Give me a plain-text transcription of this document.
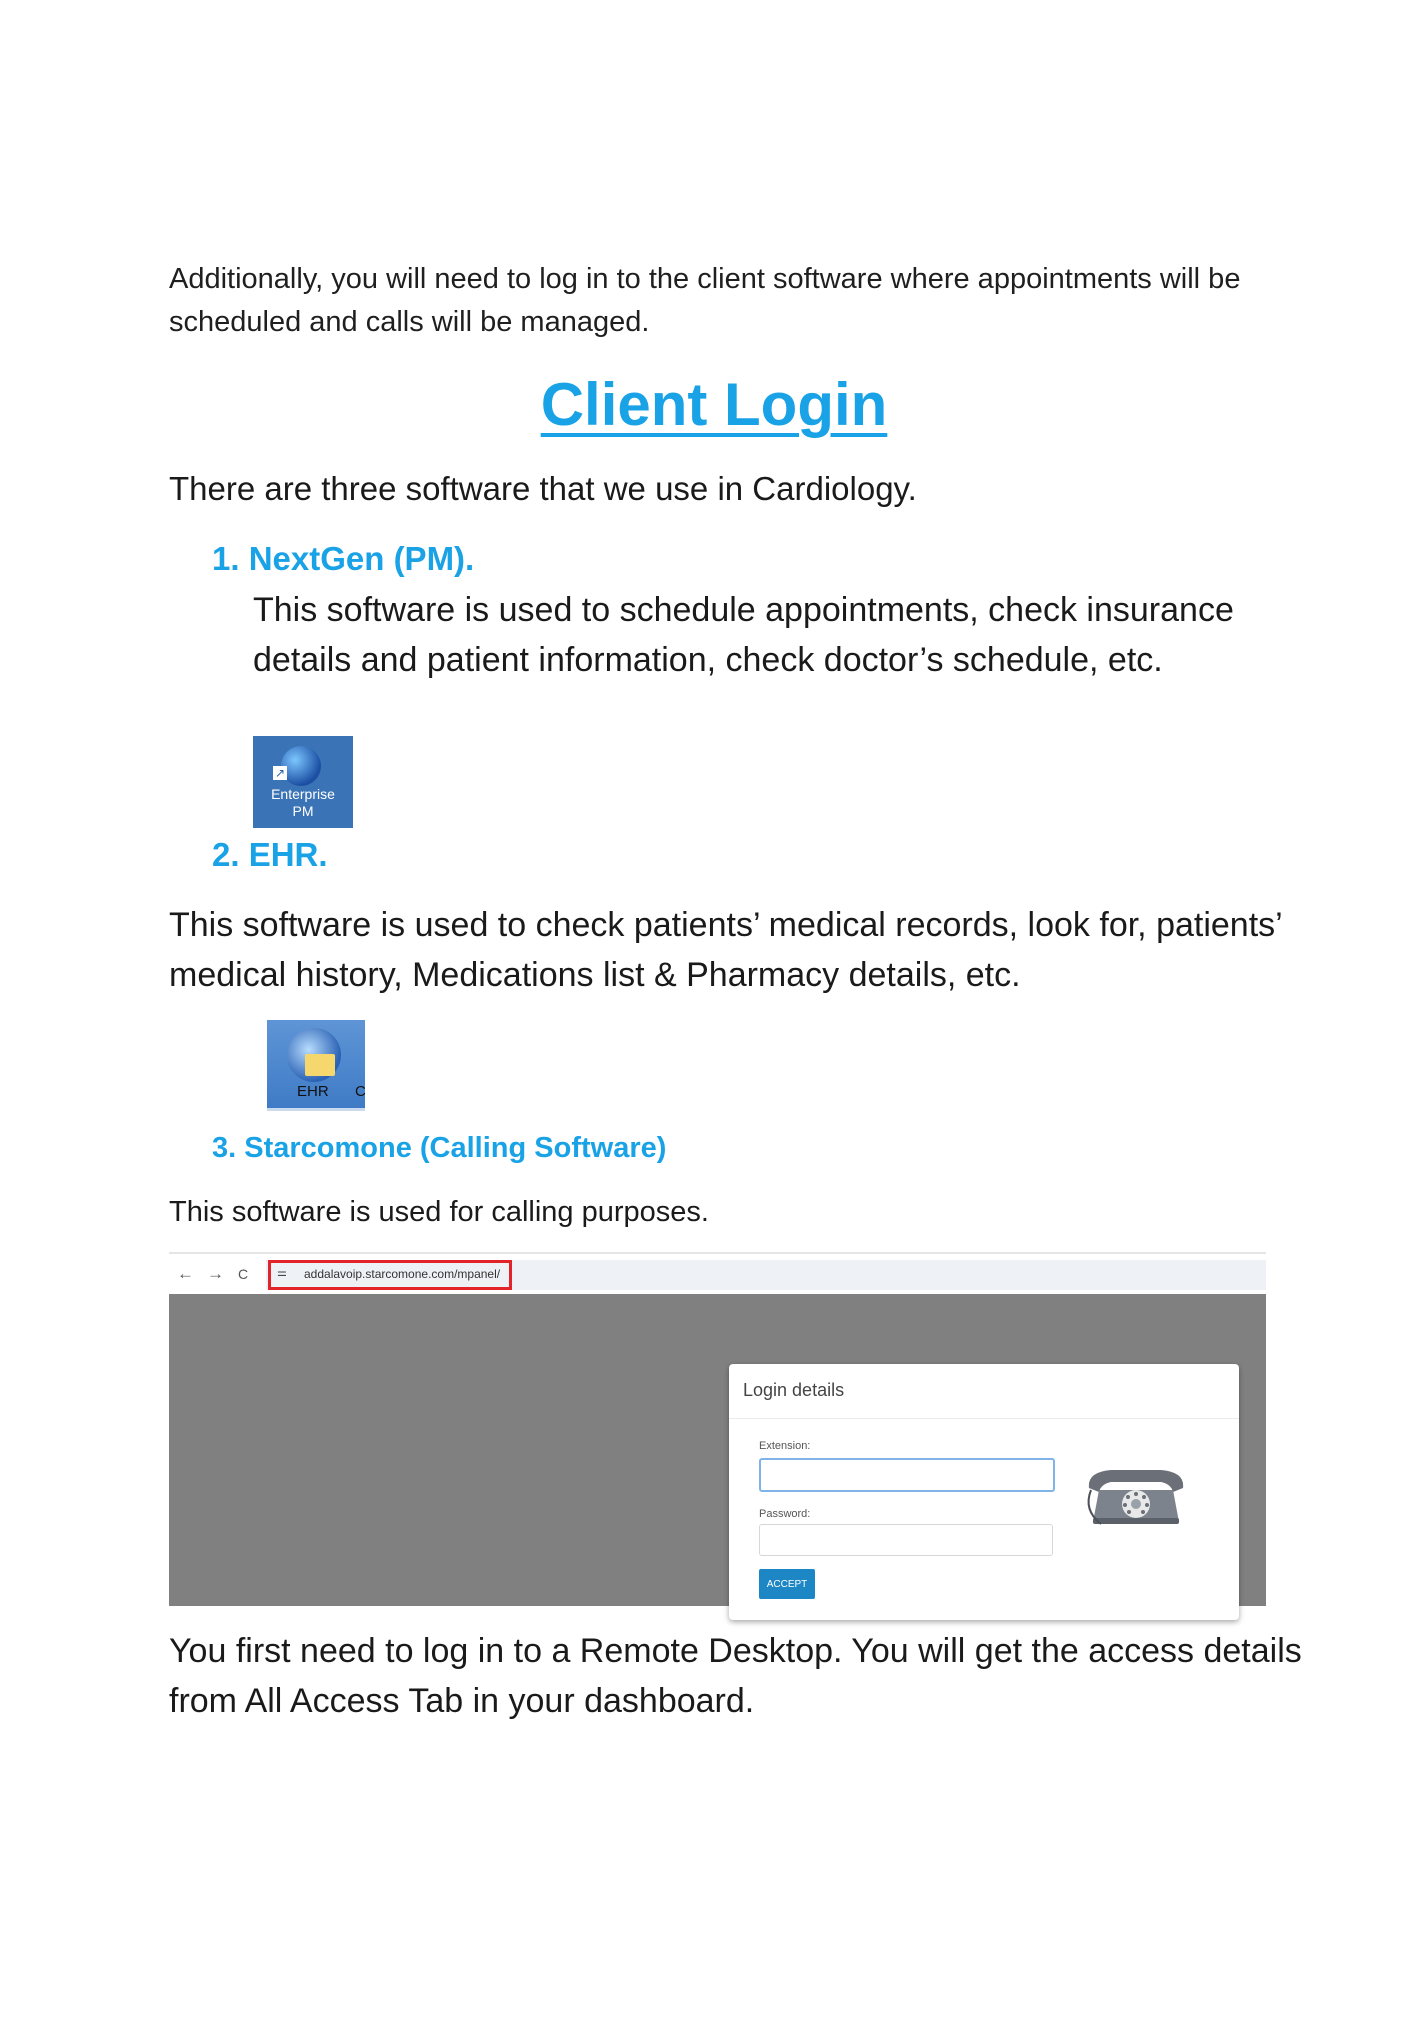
Additionally, you will need to log in to the client software where appointments will be scheduled and calls will be managed.
Client Login
There are three software that we use in Cardiology.
1. NextGen (PM).
This software is used to schedule appointments, check insurance details and patient information, check doctor’s schedule, etc.
↗
Enterprise
PM
2. EHR.
This software is used to check patients’ medical records, look for, patients’ medical history, Medications list & Pharmacy details, etc.
EHR C
3. Starcomone (Calling Software)
This software is used for calling purposes.
← → C	⚌ addalavoip.starcomone.com/mpanel/
Login details
Extension:
Password:
ACCEPT
You first need to log in to a Remote Desktop. You will get the access details from All Access Tab in your dashboard.
